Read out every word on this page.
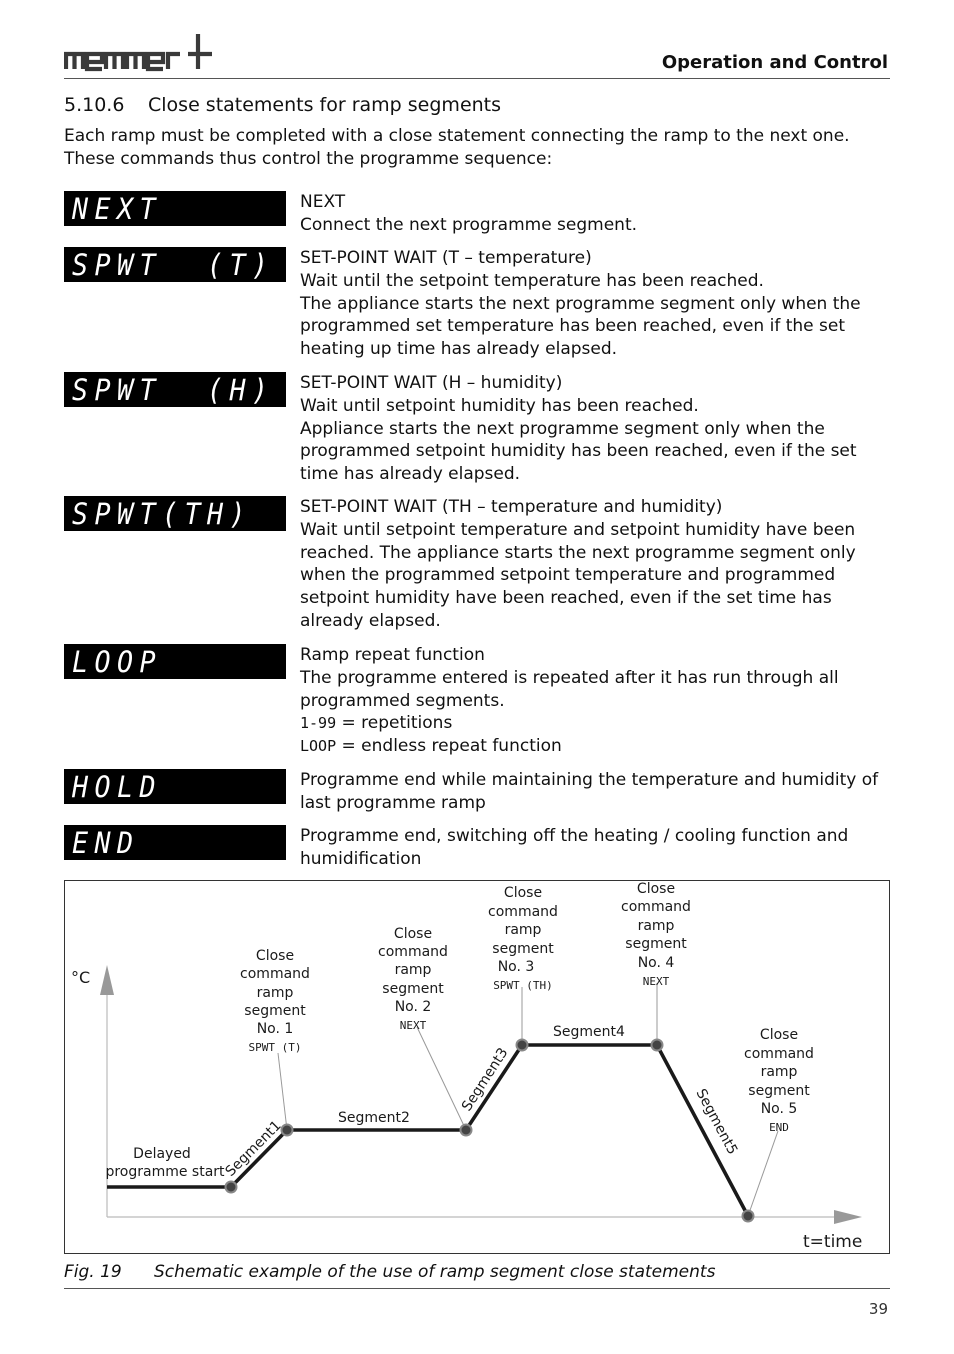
Operation and Control
5.10.6 Close statements for ramp segments
Each ramp must be completed with a close statement connecting the ramp to the next one. These commands thus control the programme sequence:
NEXT	NEXT

Connect the next programme segment.

SPWT  (T) SET-POINT WAIT (T – temperature)

Wait until the setpoint temperature has been reached.

The appliance starts the next programme segment only when the programmed set temperature has been reached, even if the set heating up time has already elapsed.

SPWT  (H) SET-POINT WAIT (H – humidity)

Wait until setpoint humidity has been reached.

Appliance starts the next programme segment only when the programmed setpoint humidity has been reached, even if the set time has already elapsed.

SPWT(TH)	SET-POINT WAIT (TH – temperature and humidity)

Wait until setpoint temperature and setpoint humidity have been reached. The appliance starts the next programme segment only when the programmed setpoint temperature and programmed setpoint humidity have been reached, even if the set time has already elapsed.

LOOP	Ramp repeat function

The programme entered is repeated after it has run through all programmed segments.

1-99 = repetitions

LOOP = endless repeat function

HOLD	Programme end while maintaining the temperature and humidity of last programme ramp

END	Programme end, switching off the heating / cooling function and humidification

°C
t=time
Delayed
programme start
Segment1	Segment2
Segment3
Segment4
Segment5
Close
command
ramp
segment
No. 1
SPWT (T)
Close
command
ramp
segment
No. 2
NEXT
Close
command
ramp
segment
No. 3
SPWT (TH)
Close
command
ramp
segment
No. 4
NEXT
Close
command
ramp
segment
No. 5
END
Fig. 19 Schematic example of the use of ramp segment close statements
39
